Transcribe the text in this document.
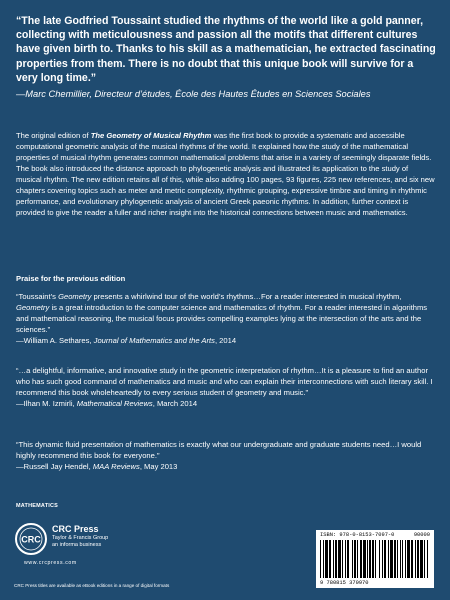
“The late Godfried Toussaint studied the rhythms of the world like a gold panner, collecting with meticulousness and passion all the motifs that different cultures have given birth to. Thanks to his skill as a mathematician, he extracted fascinating properties from them. There is no doubt that this unique book will survive for a very long time.”
—Marc Chemillier, Directeur d’études, École des Hautes Études en Sciences Sociales
The original edition of The Geometry of Musical Rhythm was the first book to provide a systematic and accessible computational geometric analysis of the musical rhythms of the world. It explained how the study of the mathematical properties of musical rhythm generates common mathematical problems that arise in a variety of seemingly disparate fields. The book also introduced the distance approach to phylogenetic analysis and illustrated its application to the study of musical rhythm. The new edition retains all of this, while also adding 100 pages, 93 figures, 225 new references, and six new chapters covering topics such as meter and metric complexity, rhythmic grouping, expressive timbre and timing in rhythmic performance, and evolutionary phylogenetic analysis of ancient Greek paeonic rhythms. In addition, further context is provided to give the reader a fuller and richer insight into the historical connections between music and mathematics.
Praise for the previous edition
“Toussaint’s Geometry presents a whirlwind tour of the world’s rhythms…For a reader interested in musical rhythm, Geometry is a great introduction to the computer science and mathematics of rhythm. For a reader interested in algorithms and mathematical reasoning, the musical focus provides compelling examples lying at the intersection of the arts and the sciences.”
—William A. Sethares, Journal of Mathematics and the Arts, 2014
“…a delightful, informative, and innovative study in the geometric interpretation of rhythm…It is a pleasure to find an author who has such good command of mathematics and music and who can explain their interconnections with such literary skill. I recommend this book wholeheartedly to every serious student of geometry and music.”
—Ilhan M. Izmirli, Mathematical Reviews, March 2014
“This dynamic fluid presentation of mathematics is exactly what our undergraduate and graduate students need…I would highly recommend this book for everyone.”
—Russell Jay Hendel, MAA Reviews, May 2013
MATHEMATICS
CRC
CRC Press
Taylor & Francis Group
an informa business
www.crcpress.com
CRC Press titles are available as eBook editions in a range of digital formats
ISBN: 978-0-8153-7097-0	90000
9 780815 370970
